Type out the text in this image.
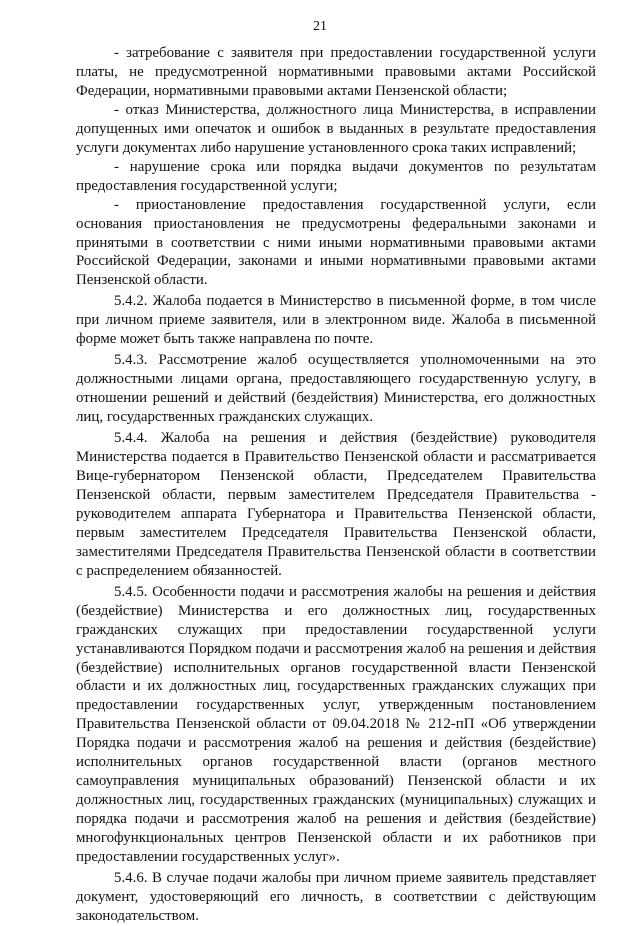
21

- затребование с заявителя при предоставлении государственной услуги платы, не предусмотренной нормативными правовыми актами Российской Федерации, нормативными правовыми актами Пензенской области;

- отказ Министерства, должностного лица Министерства, в исправлении допущенных ими опечаток и ошибок в выданных в результате предоставления услуги документах либо нарушение установленного срока таких исправлений;

- нарушение срока или порядка выдачи документов по результатам предоставления государственной услуги;

- приостановление предоставления государственной услуги, если основания приостановления не предусмотрены федеральными законами и принятыми в соответствии с ними иными нормативными правовыми актами Российской Федерации, законами и иными нормативными правовыми актами Пензенской области.

5.4.2. Жалоба подается в Министерство в письменной форме, в том числе при личном приеме заявителя, или в электронном виде. Жалоба в письменной форме может быть также направлена по почте.

5.4.3. Рассмотрение жалоб осуществляется уполномоченными на это должностными лицами органа, предоставляющего государственную услугу, в отношении решений и действий (бездействия) Министерства, его должностных лиц, государственных гражданских служащих.

5.4.4. Жалоба на решения и действия (бездействие) руководителя Министерства подается в Правительство Пензенской области и рассматривается Вице-губернатором Пензенской области, Председателем Правительства Пензенской области, первым заместителем Председателя Правительства - руководителем аппарата Губернатора и Правительства Пензенской области, первым заместителем Председателя Правительства Пензенской области, заместителями Председателя Правительства Пензенской области в соответствии с распределением обязанностей.

5.4.5. Особенности подачи и рассмотрения жалобы на решения и действия (бездействие) Министерства и его должностных лиц, государственных гражданских служащих при предоставлении государственной услуги устанавливаются Порядком подачи и рассмотрения жалоб на решения и действия (бездействие) исполнительных органов государственной власти Пензенской области и их должностных лиц, государственных гражданских служащих при предоставлении государственных услуг, утвержденным постановлением Правительства Пензенской области от 09.04.2018 № 212-пП «Об утверждении Порядка подачи и рассмотрения жалоб на решения и действия (бездействие) исполнительных органов государственной власти (органов местного самоуправления муниципальных образований) Пензенской области и их должностных лиц, государственных гражданских (муниципальных) служащих и порядка подачи и рассмотрения жалоб на решения и действия (бездействие) многофункциональных центров Пензенской области и их работников при предоставлении государственных услуг».

5.4.6. В случае подачи жалобы при личном приеме заявитель представляет документ, удостоверяющий его личность, в соответствии с действующим законодательством.
